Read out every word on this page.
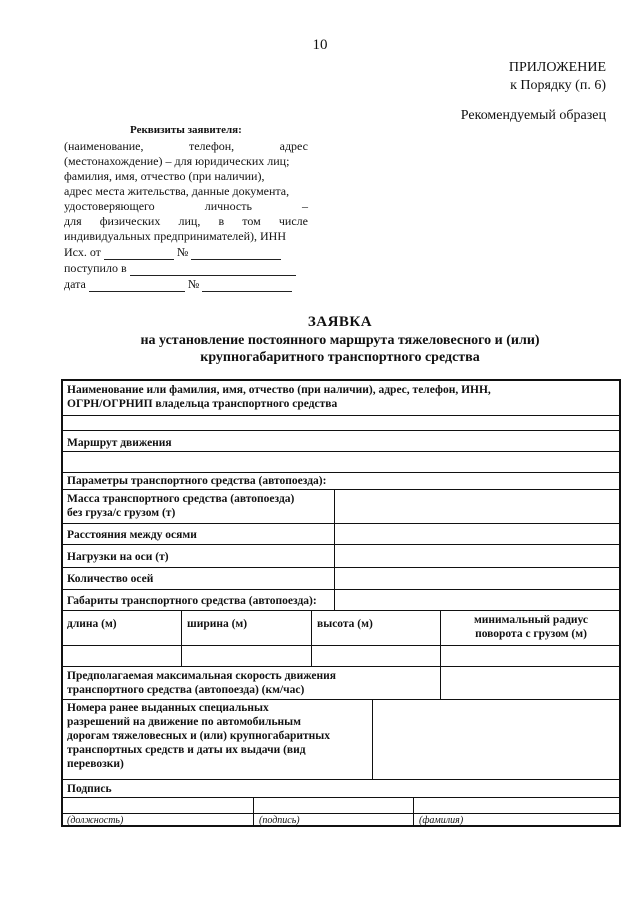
10
ПРИЛОЖЕНИЕ
к Порядку (п. 6)
Рекомендуемый образец
Реквизиты заявителя:
(наименование, телефон, адрес
(местонахождение) – для юридических лиц;
фамилия, имя, отчество (при наличии),
адрес места жительства, данные документа,
удостоверяющего личность –
для физических лиц, в том числе
индивидуальных предпринимателей), ИНН
Исх. от	№
поступило в
дата	№
ЗАЯВКА
на установление постоянного маршрута тяжеловесного и (или)
крупногабаритного транспортного средства
Наименование или фамилия, имя, отчество (при наличии), адрес, телефон, ИНН,
ОГРН/ОГРНИП владельца транспортного средства
Маршрут движения
Параметры транспортного средства (автопоезда):
Масса транспортного средства (автопоезда)
без груза/с грузом (т)
Расстояния между осями
Нагрузки на оси (т)
Количество осей
Габариты транспортного средства (автопоезда):
длина (м)	ширина (м)	высота (м)	минимальный радиус
поворота с грузом (м)
Предполагаемая максимальная скорость движения
транспортного средства (автопоезда) (км/час)
Номера ранее выданных специальных
разрешений на движение по автомобильным
дорогам тяжеловесных и (или) крупногабаритных
транспортных средств и даты их выдачи (вид
перевозки)
Подпись
(должность)	(подпись)	(фамилия)
